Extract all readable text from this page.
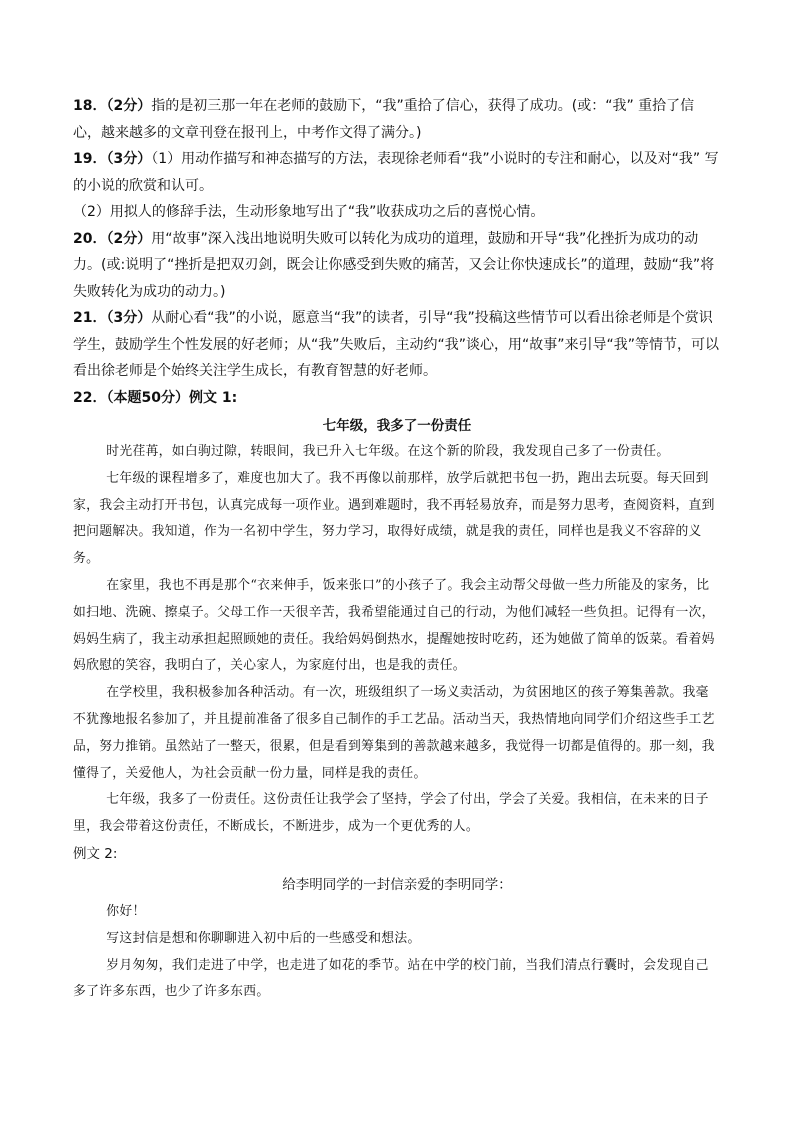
18．（2分）指的是初三那一年在老师的鼓励下，“我”重拾了信心，获得了成功。(或：“我” 重拾了信心，越来越多的文章刊登在报刊上，中考作文得了满分。)

19．（3分）（1）用动作描写和神态描写的方法，表现徐老师看“我”小说时的专注和耐心，以及对“我” 写的小说的欣赏和认可。

（2）用拟人的修辞手法，生动形象地写出了“我”收获成功之后的喜悦心情。

20．（2分）用“故事”深入浅出地说明失败可以转化为成功的道理，鼓励和开导“我”化挫折为成功的动力。(或:说明了“挫折是把双刃剑，既会让你感受到失败的痛苦，又会让你快速成长”的道理，鼓励“我”将失败转化为成功的动力。)

21．（3分）从耐心看“我”的小说，愿意当“我”的读者，引导“我”投稿这些情节可以看出徐老师是个赏识学生，鼓励学生个性发展的好老师；从“我”失败后，主动约“我”谈心，用“故事”来引导“我”等情节，可以看出徐老师是个始终关注学生成长，有教育智慧的好老师。

22．（本题50分）例文 1:

七年级，我多了一份责任

时光荏苒，如白驹过隙，转眼间，我已升入七年级。在这个新的阶段，我发现自己多了一份责任。

七年级的课程增多了，难度也加大了。我不再像以前那样，放学后就把书包一扔，跑出去玩耍。每天回到家，我会主动打开书包，认真完成每一项作业。遇到难题时，我不再轻易放弃，而是努力思考，查阅资料，直到把问题解决。我知道，作为一名初中学生，努力学习，取得好成绩，就是我的责任，同样也是我义不容辞的义务。

在家里，我也不再是那个“衣来伸手，饭来张口”的小孩子了。我会主动帮父母做一些力所能及的家务，比如扫地、洗碗、擦桌子。父母工作一天很辛苦，我希望能通过自己的行动，为他们减轻一些负担。记得有一次，妈妈生病了，我主动承担起照顾她的责任。我给妈妈倒热水，提醒她按时吃药，还为她做了简单的饭菜。看着妈妈欣慰的笑容，我明白了，关心家人，为家庭付出，也是我的责任。

在学校里，我积极参加各种活动。有一次，班级组织了一场义卖活动，为贫困地区的孩子筹集善款。我毫不犹豫地报名参加了，并且提前准备了很多自己制作的手工艺品。活动当天，我热情地向同学们介绍这些手工艺品，努力推销。虽然站了一整天，很累，但是看到筹集到的善款越来越多，我觉得一切都是值得的。那一刻，我懂得了，关爱他人，为社会贡献一份力量，同样是我的责任。

七年级，我多了一份责任。这份责任让我学会了坚持，学会了付出，学会了关爱。我相信，在未来的日子里，我会带着这份责任，不断成长，不断进步，成为一个更优秀的人。

例文 2:

给李明同学的一封信亲爱的李明同学：

你好！

写这封信是想和你聊聊进入初中后的一些感受和想法。

岁月匆匆，我们走进了中学，也走进了如花的季节。站在中学的校门前，当我们清点行囊时，会发现自己多了许多东西，也少了许多东西。
